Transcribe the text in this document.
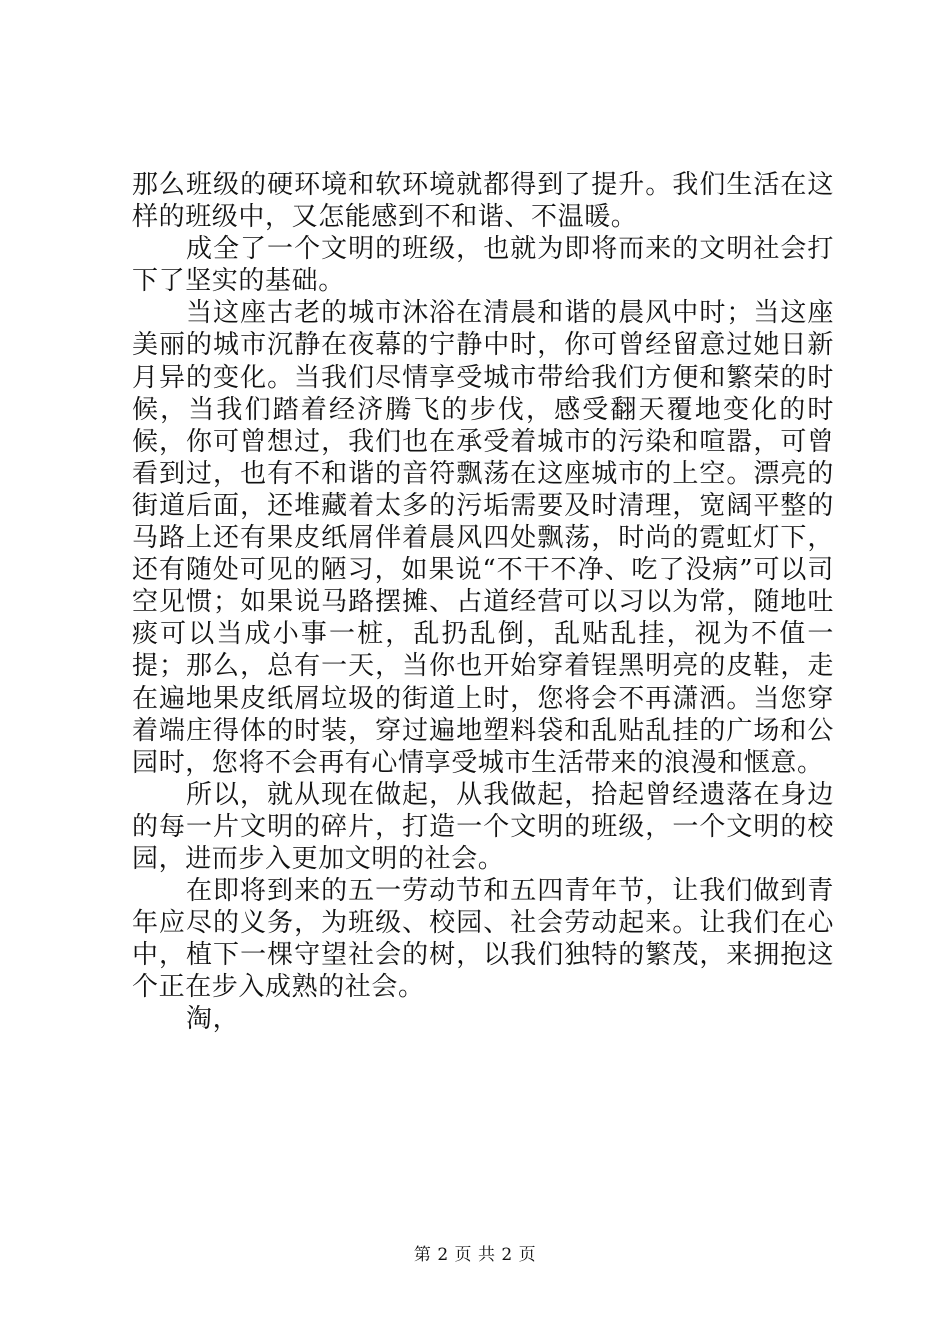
那么班级的硬环境和软环境就都得到了提升。我们生活在这样的班级中，又怎能感到不和谐、不温暖。

成全了一个文明的班级，也就为即将而来的文明社会打下了坚实的基础。

当这座古老的城市沐浴在清晨和谐的晨风中时；当这座美丽的城市沉静在夜幕的宁静中时，你可曾经留意过她日新月异的变化。当我们尽情享受城市带给我们方便和繁荣的时候，当我们踏着经济腾飞的步伐，感受翻天覆地变化的时候，你可曾想过，我们也在承受着城市的污染和喧嚣，可曾看到过，也有不和谐的音符飘荡在这座城市的上空。漂亮的街道后面，还堆藏着太多的污垢需要及时清理，宽阔平整的马路上还有果皮纸屑伴着晨风四处飘荡，时尚的霓虹灯下，还有随处可见的陋习，如果说“不干不净、吃了没病”可以司空见惯；如果说马路摆摊、占道经营可以习以为常，随地吐痰可以当成小事一桩，乱扔乱倒，乱贴乱挂，视为不值一提；那么，总有一天，当你也开始穿着锃黑明亮的皮鞋，走在遍地果皮纸屑垃圾的街道上时，您将会不再潇洒。当您穿着端庄得体的时装，穿过遍地塑料袋和乱贴乱挂的广场和公园时，您将不会再有心情享受城市生活带来的浪漫和惬意。

所以，就从现在做起，从我做起，拾起曾经遗落在身边的每一片文明的碎片，打造一个文明的班级，一个文明的校园，进而步入更加文明的社会。

在即将到来的五一劳动节和五四青年节，让我们做到青年应尽的义务，为班级、校园、社会劳动起来。让我们在心中，植下一棵守望社会的树，以我们独特的繁茂，来拥抱这个正在步入成熟的社会。

淘，

第 2 页 共 2 页
